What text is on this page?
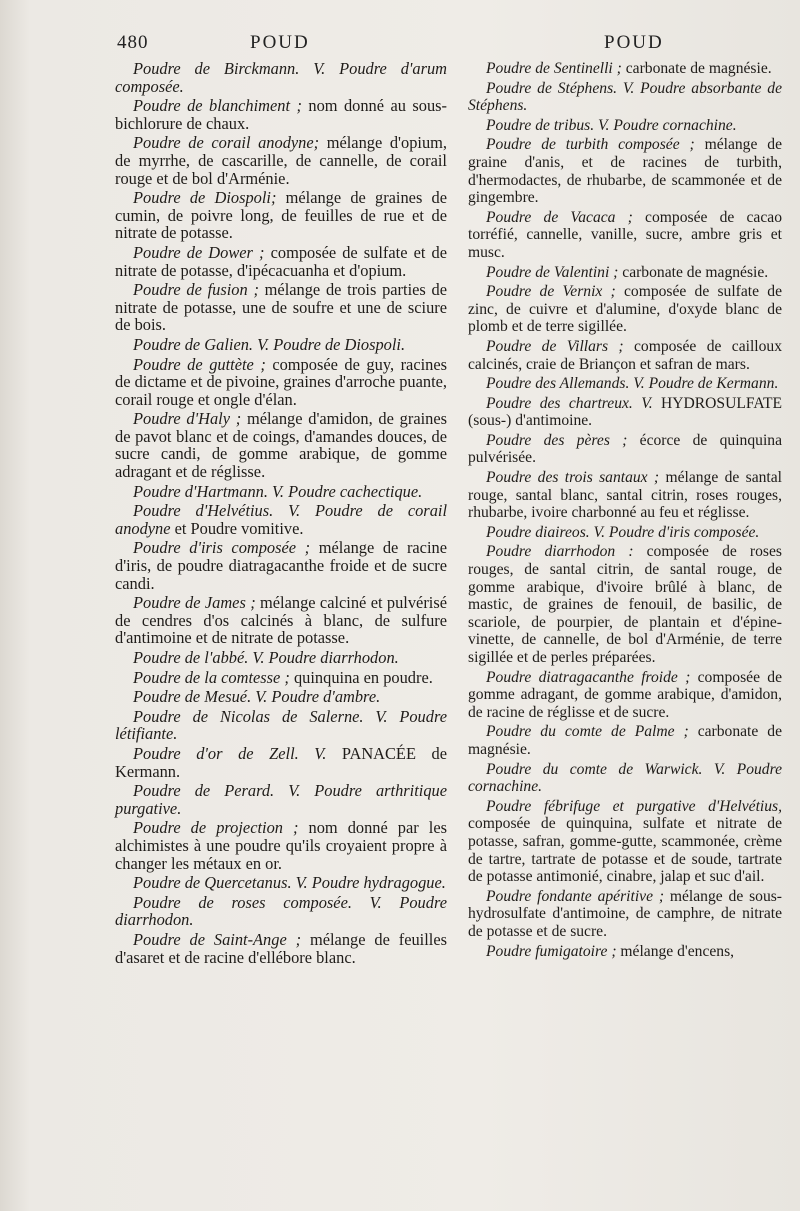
480	POUD	POUD

Poudre de Birckmann. V. Poudre d'arum composée.

Poudre de blanchiment ; nom donné au sous-bichlorure de chaux.

Poudre de corail anodyne; mélange d'opium, de myrrhe, de cascarille, de cannelle, de corail rouge et de bol d'Arménie.

Poudre de Diospoli; mélange de graines de cumin, de poivre long, de feuilles de rue et de nitrate de potasse.

Poudre de Dower ; composée de sulfate et de nitrate de potasse, d'ipécacuanha et d'opium.

Poudre de fusion ; mélange de trois parties de nitrate de potasse, une de soufre et une de sciure de bois.

Poudre de Galien. V. Poudre de Diospoli.

Poudre de guttète ; composée de guy, racines de dictame et de pivoine, graines d'arroche puante, corail rouge et ongle d'élan.

Poudre d'Haly ; mélange d'amidon, de graines de pavot blanc et de coings, d'amandes douces, de sucre candi, de gomme arabique, de gomme adragant et de réglisse.

Poudre d'Hartmann. V. Poudre cachectique.

Poudre d'Helvétius. V. Poudre de corail anodyne et Poudre vomitive.

Poudre d'iris composée ; mélange de racine d'iris, de poudre diatragacanthe froide et de sucre candi.

Poudre de James ; mélange calciné et pulvérisé de cendres d'os calcinés à blanc, de sulfure d'antimoine et de nitrate de potasse.

Poudre de l'abbé. V. Poudre diarrhodon.

Poudre de la comtesse ; quinquina en poudre.

Poudre de Mesué. V. Poudre d'ambre.

Poudre de Nicolas de Salerne. V. Poudre létifiante.

Poudre d'or de Zell. V. PANACÉE de Kermann.

Poudre de Perard. V. Poudre arthritique purgative.

Poudre de projection ; nom donné par les alchimistes à une poudre qu'ils croyaient propre à changer les métaux en or.

Poudre de Quercetanus. V. Poudre hydragogue.

Poudre de roses composée. V. Poudre diarrhodon.

Poudre de Saint-Ange ; mélange de feuilles d'asaret et de racine d'ellébore blanc.

Poudre de Sentinelli ; carbonate de magnésie.

Poudre de Stéphens. V. Poudre absorbante de Stéphens.

Poudre de tribus. V. Poudre cornachine.

Poudre de turbith composée ; mélange de graine d'anis, et de racines de turbith, d'hermodactes, de rhubarbe, de scammonée et de gingembre.

Poudre de Vacaca ; composée de cacao torréfié, cannelle, vanille, sucre, ambre gris et musc.

Poudre de Valentini ; carbonate de magnésie.

Poudre de Vernix ; composée de sulfate de zinc, de cuivre et d'alumine, d'oxyde blanc de plomb et de terre sigillée.

Poudre de Villars ; composée de cailloux calcinés, craie de Briançon et safran de mars.

Poudre des Allemands. V. Poudre de Kermann.

Poudre des chartreux. V. HYDROSULFATE (sous-) d'antimoine.

Poudre des pères ; écorce de quinquina pulvérisée.

Poudre des trois santaux ; mélange de santal rouge, santal blanc, santal citrin, roses rouges, rhubarbe, ivoire charbonné au feu et réglisse.

Poudre diaireos. V. Poudre d'iris composée.

Poudre diarrhodon : composée de roses rouges, de santal citrin, de santal rouge, de gomme arabique, d'ivoire brûlé à blanc, de mastic, de graines de fenouil, de basilic, de scariole, de pourpier, de plantain et d'épine-vinette, de cannelle, de bol d'Arménie, de terre sigillée et de perles préparées.

Poudre diatragacanthe froide ; composée de gomme adragant, de gomme arabique, d'amidon, de racine de réglisse et de sucre.

Poudre du comte de Palme ; carbonate de magnésie.

Poudre du comte de Warwick. V. Poudre cornachine.

Poudre fébrifuge et purgative d'Helvétius, composée de quinquina, sulfate et nitrate de potasse, safran, gomme-gutte, scammonée, crème de tartre, tartrate de potasse et de soude, tartrate de potasse antimonié, cinabre, jalap et suc d'ail.

Poudre fondante apéritive ; mélange de sous-hydrosulfate d'antimoine, de camphre, de nitrate de potasse et de sucre.

Poudre fumigatoire ; mélange d'encens,
